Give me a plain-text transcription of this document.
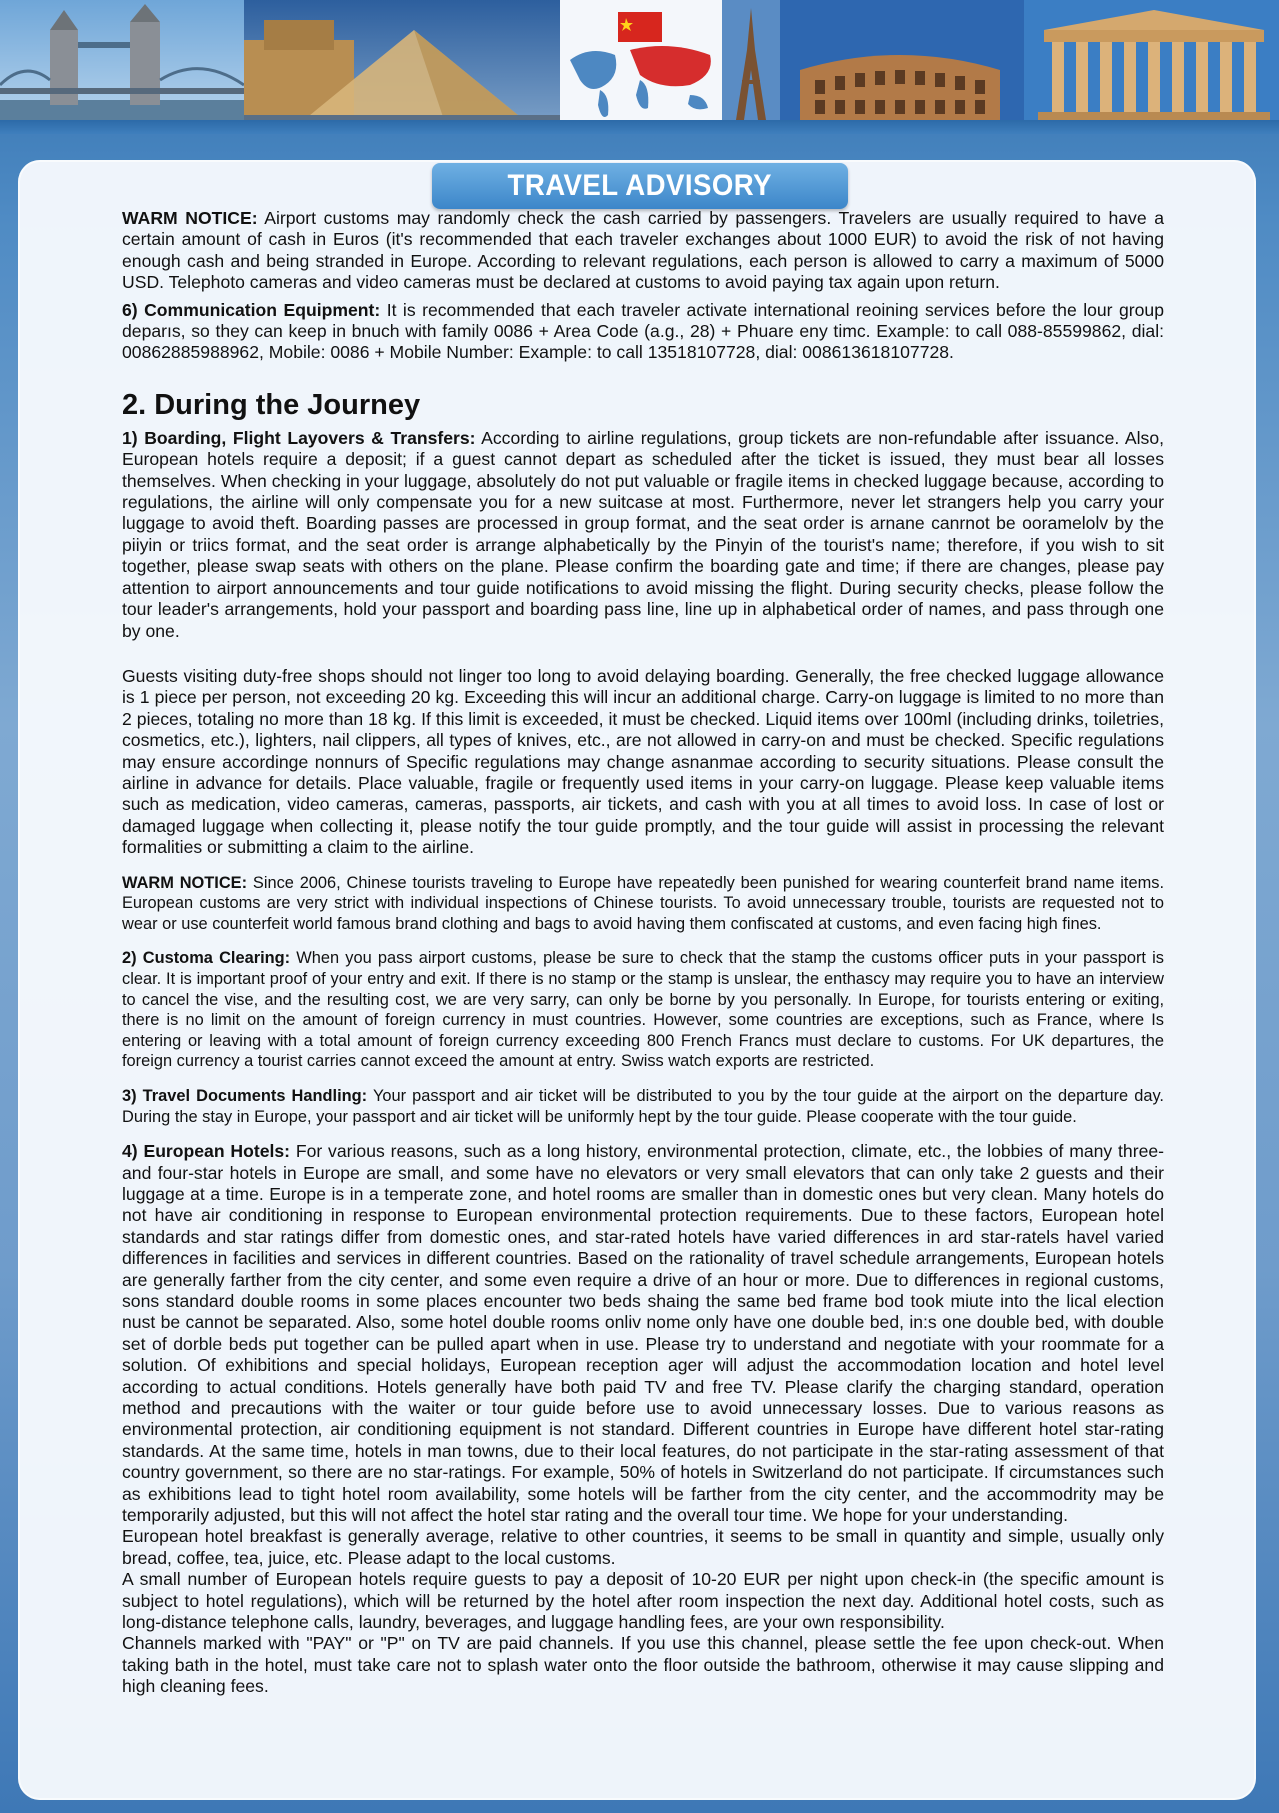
TRAVEL ADVISORY

WARM NOTICE: Airport customs may randomly check the cash carried by passengers. Travelers are usually required to have a certain amount of cash in Euros (it's recommended that each traveler exchanges about 1000 EUR) to avoid the risk of not having enough cash and being stranded in Europe. According to relevant regulations, each person is allowed to carry a maximum of 5000 USD. Telephoto cameras and video cameras must be declared at customs to avoid paying tax again upon return.

6) Communication Equipment: It is recommended that each traveler activate international reoining services before the lour group deparıs, so they can keep in bnuch with family 0086 + Area Code (a.g., 28) + Phuare eny timc. Example: to call 088-85599862, dial: 00862885988962, Mobile: 0086 + Mobile Number: Example: to call 13518107728, dial: 008613618107728.

2. During the Journey

1) Boarding, Flight Layovers & Transfers: According to airline regulations, group tickets are non-refundable after issuance. Also, European hotels require a deposit; if a guest cannot depart as scheduled after the ticket is issued, they must bear all losses themselves. When checking in your luggage, absolutely do not put valuable or fragile items in checked luggage because, according to regulations, the airline will only compensate you for a new suitcase at most. Furthermore, never let strangers help you carry your luggage to avoid theft. Boarding passes are processed in group format, and the seat order is arnane canrnot be ooramelolv by the piiyin or triics format, and the seat order is arrange alphabetically by the Pinyin of the tourist's name; therefore, if you wish to sit together, please swap seats with others on the plane. Please confirm the boarding gate and time; if there are changes, please pay attention to airport announcements and tour guide notifications to avoid missing the flight. During security checks, please follow the tour leader's arrangements, hold your passport and boarding pass line, line up in alphabetical order of names, and pass through one by one.

Guests visiting duty-free shops should not linger too long to avoid delaying boarding. Generally, the free checked luggage allowance is 1 piece per person, not exceeding 20 kg. Exceeding this will incur an additional charge. Carry-on luggage is limited to no more than 2 pieces, totaling no more than 18 kg. If this limit is exceeded, it must be checked. Liquid items over 100ml (including drinks, toiletries, cosmetics, etc.), lighters, nail clippers, all types of knives, etc., are not allowed in carry-on and must be checked. Specific regulations may ensure accordinge nonnurs of Specific regulations may change asnanmae according to security situations. Please consult the airline in advance for details. Place valuable, fragile or frequently used items in your carry-on luggage. Please keep valuable items such as medication, video cameras, cameras, passports, air tickets, and cash with you at all times to avoid loss. In case of lost or damaged luggage when collecting it, please notify the tour guide promptly, and the tour guide will assist in processing the relevant formalities or submitting a claim to the airline.

WARM NOTICE: Since 2006, Chinese tourists traveling to Europe have repeatedly been punished for wearing counterfeit brand name items. European customs are very strict with individual inspections of Chinese tourists. To avoid unnecessary trouble, tourists are requested not to wear or use counterfeit world famous brand clothing and bags to avoid having them confiscated at customs, and even facing high fines.

2) Customa Clearing: When you pass airport customs, please be sure to check that the stamp the customs officer puts in your passport is clear. It is important proof of your entry and exit. If there is no stamp or the stamp is unslear, the enthascy may require you to have an interview to cancel the vise, and the resulting cost, we are very sarry, can only be borne by you personally. In Europe, for tourists entering or exiting, there is no limit on the amount of foreign currency in must countries. However, some countries are exceptions, such as France, where Is entering or leaving with a total amount of foreign currency exceeding 800 French Francs must declare to customs. For UK departures, the foreign currency a tourist carries cannot exceed the amount at entry. Swiss watch exports are restricted.

3) Travel Documents Handling: Your passport and air ticket will be distributed to you by the tour guide at the airport on the departure day. During the stay in Europe, your passport and air ticket will be uniformly hept by the tour guide. Please cooperate with the tour guide.

4) European Hotels: For various reasons, such as a long history, environmental protection, climate, etc., the lobbies of many three- and four-star hotels in Europe are small, and some have no elevators or very small elevators that can only take 2 guests and their luggage at a time. Europe is in a temperate zone, and hotel rooms are smaller than in domestic ones but very clean. Many hotels do not have air conditioning in response to European environmental protection requirements. Due to these factors, European hotel standards and star ratings differ from domestic ones, and star-rated hotels have varied differences in ard star-ratels havel varied differences in facilities and services in different countries. Based on the rationality of travel schedule arrangements, European hotels are generally farther from the city center, and some even require a drive of an hour or more. Due to differences in regional customs, sons standard double rooms in some places encounter two beds shaing the same bed frame bod took miute into the lical election nust be cannot be separated. Also, some hotel double rooms onliv nome only have one double bed, in:s one double bed, with double set of dorble beds put together can be pulled apart when in use. Please try to understand and negotiate with your roommate for a solution. Of exhibitions and special holidays, European reception ager will adjust the accommodation location and hotel level according to actual conditions. Hotels generally have both paid TV and free TV. Please clarify the charging standard, operation method and precautions with the waiter or tour guide before use to avoid unnecessary losses. Due to various reasons as environmental protection, air conditioning equipment is not standard. Different countries in Europe have different hotel star-rating standards. At the same time, hotels in man towns, due to their local features, do not participate in the star-rating assessment of that country government, so there are no star-ratings. For example, 50% of hotels in Switzerland do not participate. If circumstances such as exhibitions lead to tight hotel room availability, some hotels will be farther from the city center, and the accommodrity may be temporarily adjusted, but this will not affect the hotel star rating and the overall tour time. We hope for your understanding.

European hotel breakfast is generally average, relative to other countries, it seems to be small in quantity and simple, usually only bread, coffee, tea, juice, etc. Please adapt to the local customs.

A small number of European hotels require guests to pay a deposit of 10-20 EUR per night upon check-in (the specific amount is subject to hotel regulations), which will be returned by the hotel after room inspection the next day. Additional hotel costs, such as long-distance telephone calls, laundry, beverages, and luggage handling fees, are your own responsibility.

Channels marked with "PAY" or "P" on TV are paid channels. If you use this channel, please settle the fee upon check-out. When taking bath in the hotel, must take care not to splash water onto the floor outside the bathroom, otherwise it may cause slipping and high cleaning fees.
